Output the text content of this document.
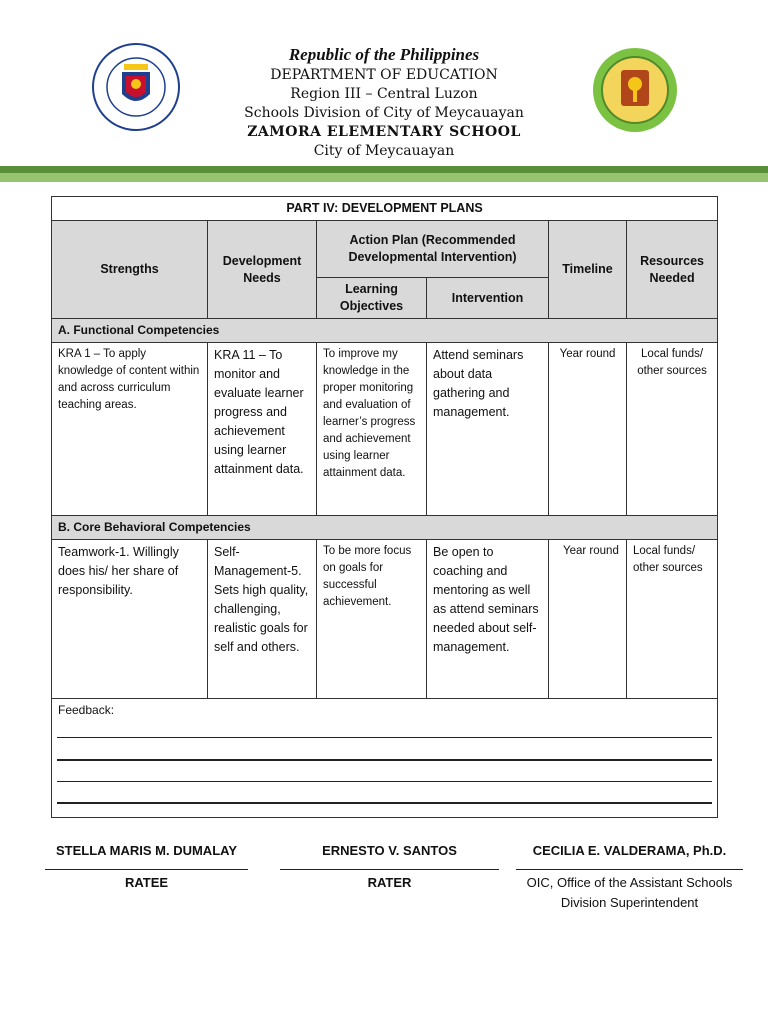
Republic of the Philippines
DEPARTMENT OF EDUCATION
Region III – Central Luzon
Schools Division of City of Meycauayan
ZAMORA ELEMENTARY SCHOOL
City of Meycauayan
PART IV: DEVELOPMENT PLANS					
Strengths	Development Needs	Action Plan (Recommended Developmental Intervention)		Timeline	Resources Needed
		Learning Objectives	Intervention		
A. Functional Competencies					
KRA 1 – To apply knowledge of content within and across curriculum teaching areas.	KRA 11 – To monitor and evaluate learner progress and achievement using learner attainment data.	To improve my knowledge in the proper monitoring and evaluation of learner’s progress and achievement using learner attainment data.	Attend seminars about data gathering and management.	Year round	Local funds/ other sources
B. Core Behavioral Competencies					
Teamwork-1. Willingly does his/ her share of responsibility.	Self-Management-5. Sets high quality, challenging, realistic goals for self and others.	To be more focus on goals for successful achievement.	Be open to coaching and mentoring as well as attend seminars needed about self-management.	Year round	Local funds/ other sources

Feedback:					
STELLA MARIS M. DUMALAY
RATEE
ERNESTO V. SANTOS
RATER
CECILIA E. VALDERAMA, Ph.D.
OIC, Office of the Assistant Schools Division Superintendent
